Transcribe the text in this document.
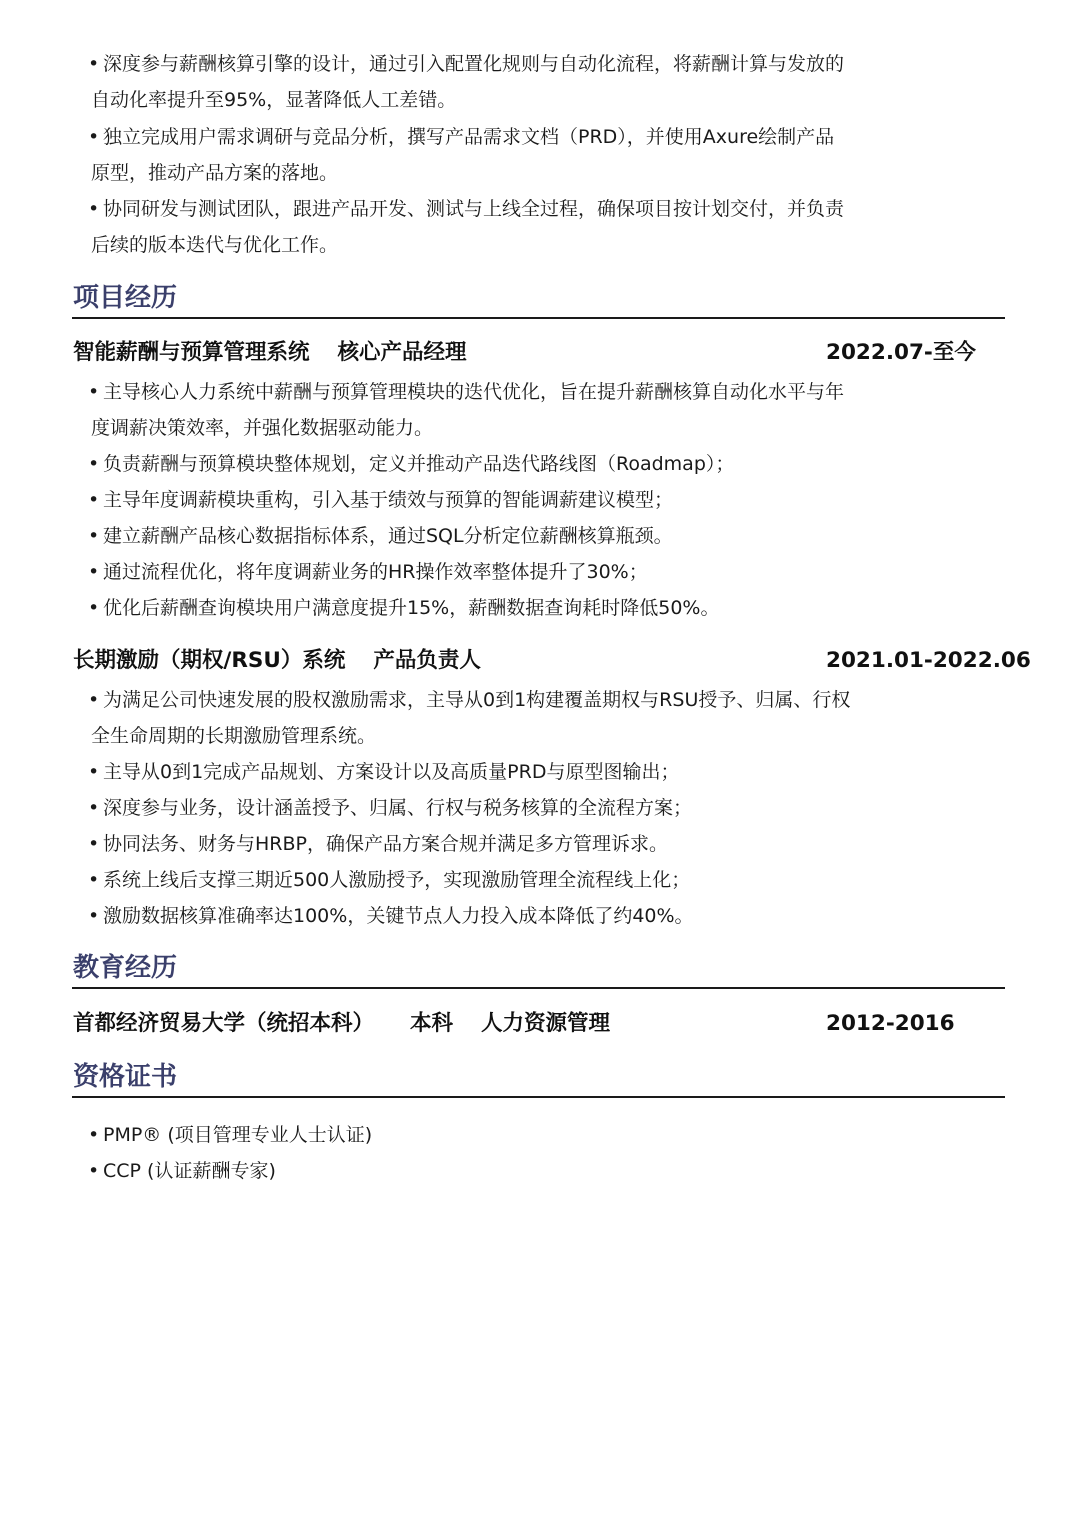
• 深度参与薪酬核算引擎的设计，通过引入配置化规则与自动化流程，将薪酬计算与发放的
自动化率提升至95%，显著降低人工差错。
• 独立完成用户需求调研与竞品分析，撰写产品需求文档（PRD），并使用Axure绘制产品
原型，推动产品方案的落地。
• 协同研发与测试团队，跟进产品开发、测试与上线全过程，确保项目按计划交付，并负责
后续的版本迭代与优化工作。
项目经历
智能薪酬与预算管理系统 核心产品经理	2022.07-至今
• 主导核心人力系统中薪酬与预算管理模块的迭代优化，旨在提升薪酬核算自动化水平与年
度调薪决策效率，并强化数据驱动能力。
• 负责薪酬与预算模块整体规划，定义并推动产品迭代路线图（Roadmap）；
• 主导年度调薪模块重构，引入基于绩效与预算的智能调薪建议模型；
• 建立薪酬产品核心数据指标体系，通过SQL分析定位薪酬核算瓶颈。
• 通过流程优化，将年度调薪业务的HR操作效率整体提升了30%；
• 优化后薪酬查询模块用户满意度提升15%，薪酬数据查询耗时降低50%。
长期激励（期权/RSU）系统 产品负责人	2021.01-2022.06
• 为满足公司快速发展的股权激励需求，主导从0到1构建覆盖期权与RSU授予、归属、行权
全生命周期的长期激励管理系统。
• 主导从0到1完成产品规划、方案设计以及高质量PRD与原型图输出；
• 深度参与业务，设计涵盖授予、归属、行权与税务核算的全流程方案；
• 协同法务、财务与HRBP，确保产品方案合规并满足多方管理诉求。
• 系统上线后支撑三期近500人激励授予，实现激励管理全流程线上化；
• 激励数据核算准确率达100%，关键节点人力投入成本降低了约40%。
教育经历
首都经济贸易大学（统招本科） 本科 人力资源管理	2012-2016
资格证书
• PMP® (项目管理专业人士认证)
• CCP (认证薪酬专家)
